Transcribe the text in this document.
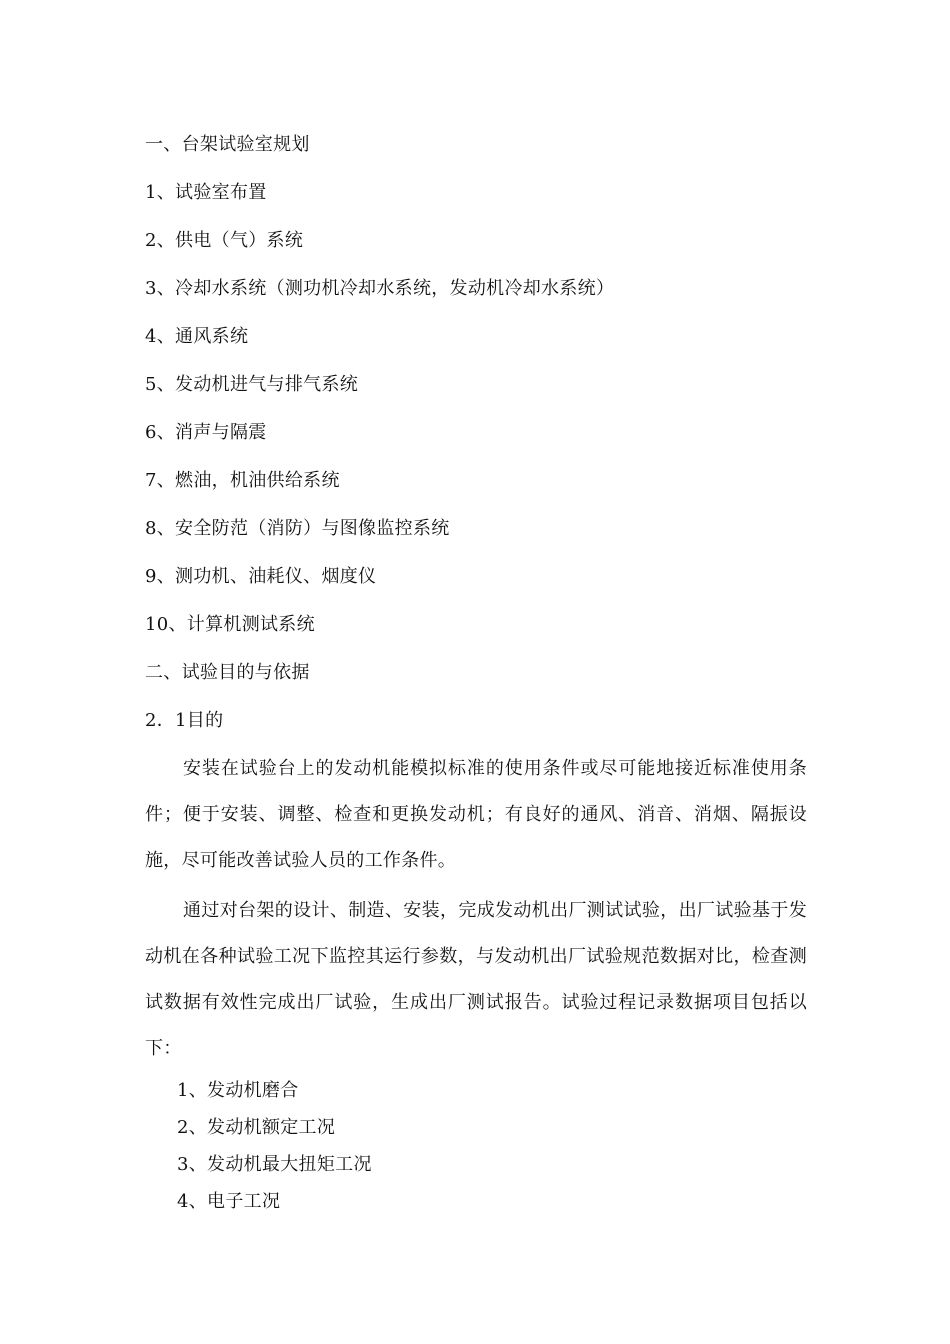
一、台架试验室规划
1、试验室布置
2、供电（气）系统
3、冷却水系统（测功机冷却水系统，发动机冷却水系统）
4、通风系统
5、发动机进气与排气系统
6、消声与隔震
7、燃油，机油供给系统
8、安全防范（消防）与图像监控系统
9、测功机、油耗仪、烟度仪
10、计算机测试系统
二、试验目的与依据
2．1目的
安装在试验台上的发动机能模拟标准的使用条件或尽可能地接近标准使用条件；便于安装、调整、检查和更换发动机；有良好的通风、消音、消烟、隔振设施，尽可能改善试验人员的工作条件。
通过对台架的设计、制造、安装，完成发动机出厂测试试验，出厂试验基于发动机在各种试验工况下监控其运行参数，与发动机出厂试验规范数据对比，检查测试数据有效性完成出厂试验，生成出厂测试报告。试验过程记录数据项目包括以下：
1、发动机磨合
2、发动机额定工况
3、发动机最大扭矩工况
4、电子工况
